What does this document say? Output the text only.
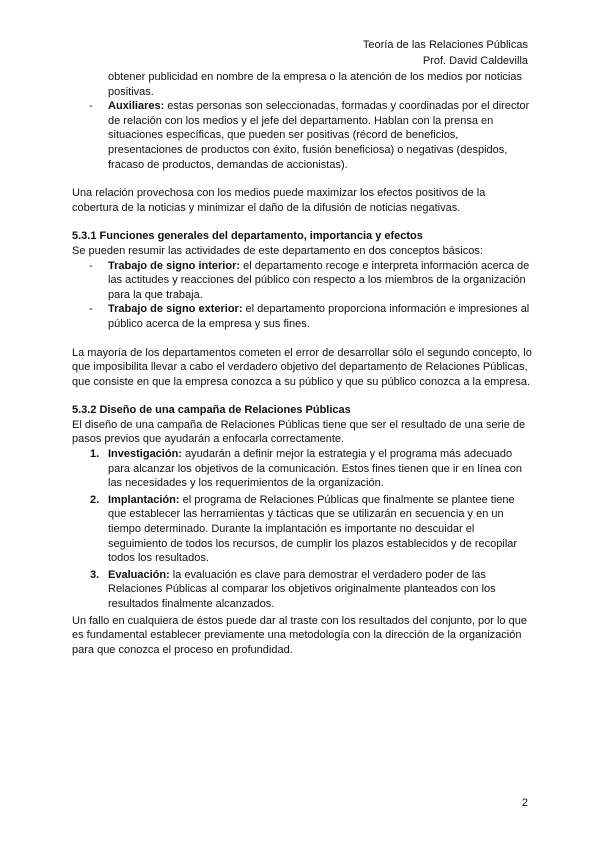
Teoría de las Relaciones Públicas
Prof. David Caldevilla
obtener publicidad en nombre de la empresa o la atención de los medios por noticias positivas.
- Auxiliares: estas personas son seleccionadas, formadas y coordinadas por el director de relación con los medios y el jefe del departamento. Hablan con la prensa en situaciones específicas, que pueden ser positivas (récord de beneficios, presentaciones de productos con éxito, fusión beneficiosa) o negativas (despidos, fracaso de productos, demandas de accionistas).

Una relación provechosa con los medios puede maximizar los efectos positivos de la cobertura de la noticias y minimizar el daño de la difusión de noticias negativas.

5.3.1 Funciones generales del departamento, importancia y efectos

Se pueden resumir las actividades de este departamento en dos conceptos básicos:

- Trabajo de signo interior: el departamento recoge e interpreta información acerca de las actitudes y reacciones del público con respecto a los miembros de la organización para la que trabaja.
- Trabajo de signo exterior: el departamento proporciona información e impresiones al público acerca de la empresa y sus fines.

La mayoría de los departamentos cometen el error de desarrollar sólo el segundo concepto, lo que imposibilita llevar a cabo el verdadero objetivo del departamento de Relaciones Públicas, que consiste en que la empresa conozca a su público y que su público conozca a la empresa.

5.3.2 Diseño de una campaña de Relaciones Públicas

El diseño de una campaña de Relaciones Públicas tiene que ser el resultado de una serie de pasos previos que ayudarán a enfocarla correctamente.

1. Investigación: ayudarán a definir mejor la estrategia y el programa más adecuado para alcanzar los objetivos de la comunicación. Estos fines tienen que ir en línea con las necesidades y los requerimientos de la organización.
2. Implantación: el programa de Relaciones Públicas que finalmente se plantee tiene que establecer las herramientas y tácticas que se utilizarán en secuencia y en un tiempo determinado. Durante la implantación es importante no descuidar el seguimiento de todos los recursos, de cumplir los plazos establecidos y de recopilar todos los resultados.
3. Evaluación: la evaluación es clave para demostrar el verdadero poder de las Relaciones Públicas al comparar los objetivos originalmente planteados con los resultados finalmente alcanzados.

Un fallo en cualquiera de éstos puede dar al traste con los resultados del conjunto, por lo que es fundamental establecer previamente una metodología con la dirección de la organización para que conozca el proceso en profundidad.

2
